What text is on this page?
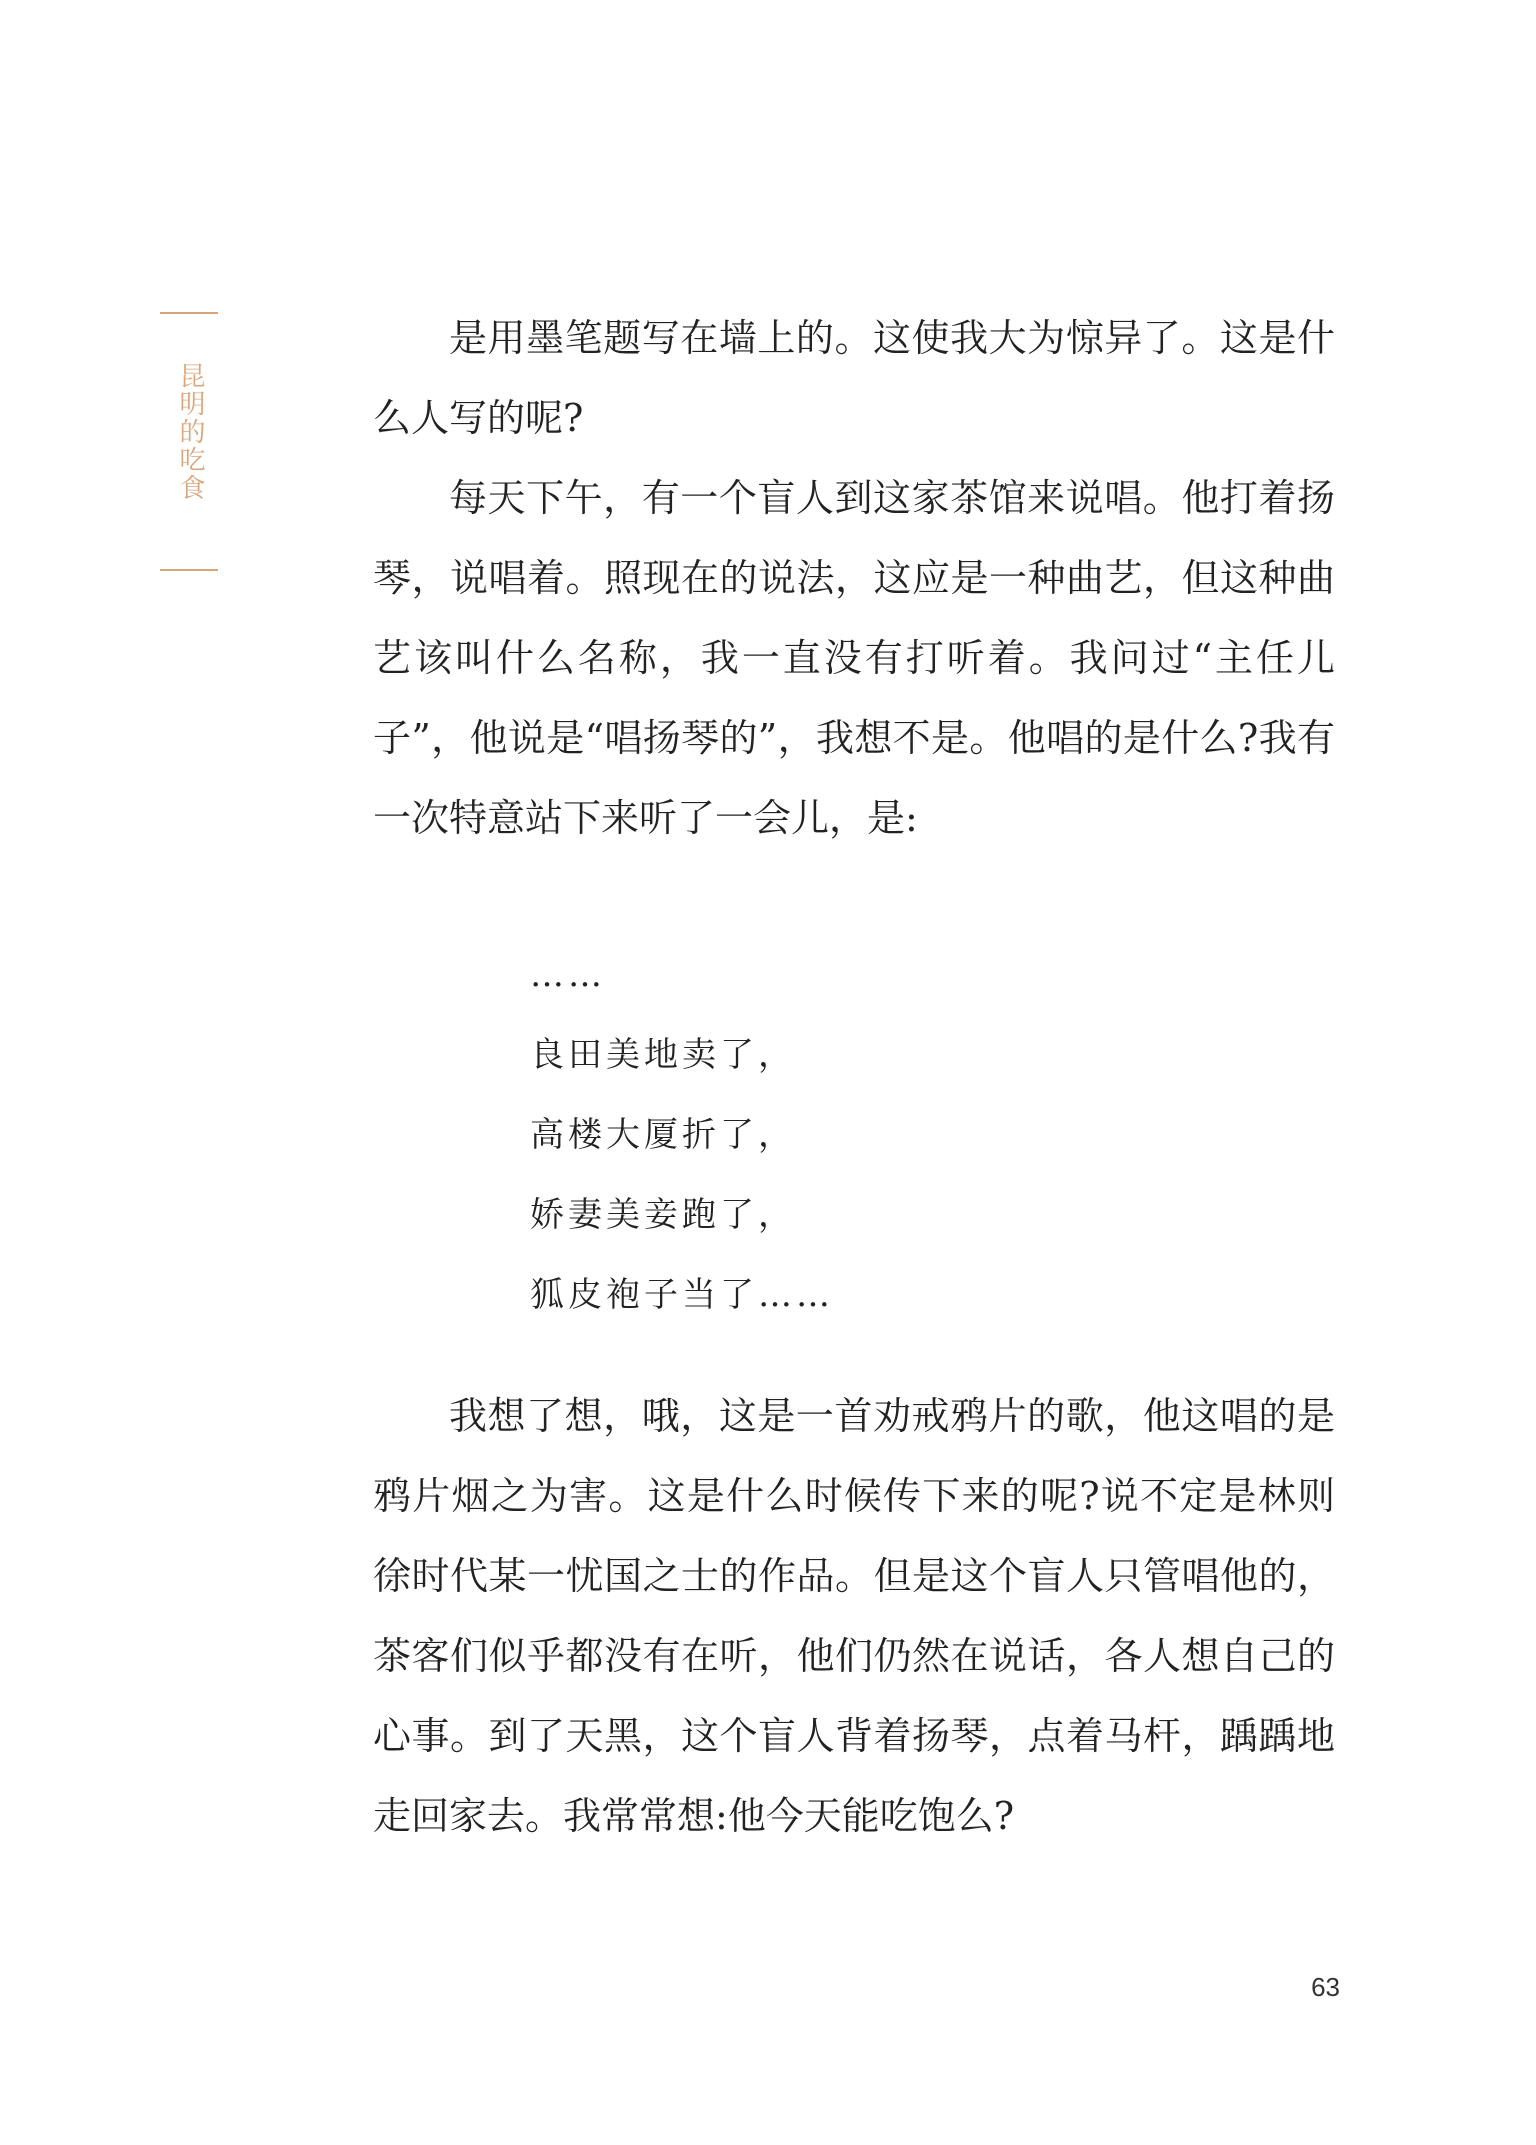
昆明的吃食

是用墨笔题写在墙上的。这使我大为惊异了。这是什么人写的呢?

每天下午，有一个盲人到这家茶馆来说唱。他打着扬琴，说唱着。照现在的说法，这应是一种曲艺，但这种曲艺该叫什么名称，我一直没有打听着。我问过“主任儿子”，他说是“唱扬琴的”，我想不是。他唱的是什么?我有一次特意站下来听了一会儿，是:

……
良田美地卖了，
高楼大厦折了，
娇妻美妾跑了，
狐皮袍子当了……

我想了想，哦，这是一首劝戒鸦片的歌，他这唱的是鸦片烟之为害。这是什么时候传下来的呢?说不定是林则徐时代某一忧国之士的作品。但是这个盲人只管唱他的，茶客们似乎都没有在听，他们仍然在说话，各人想自己的心事。到了天黑，这个盲人背着扬琴，点着马杆，踽踽地走回家去。我常常想:他今天能吃饱么?

63
